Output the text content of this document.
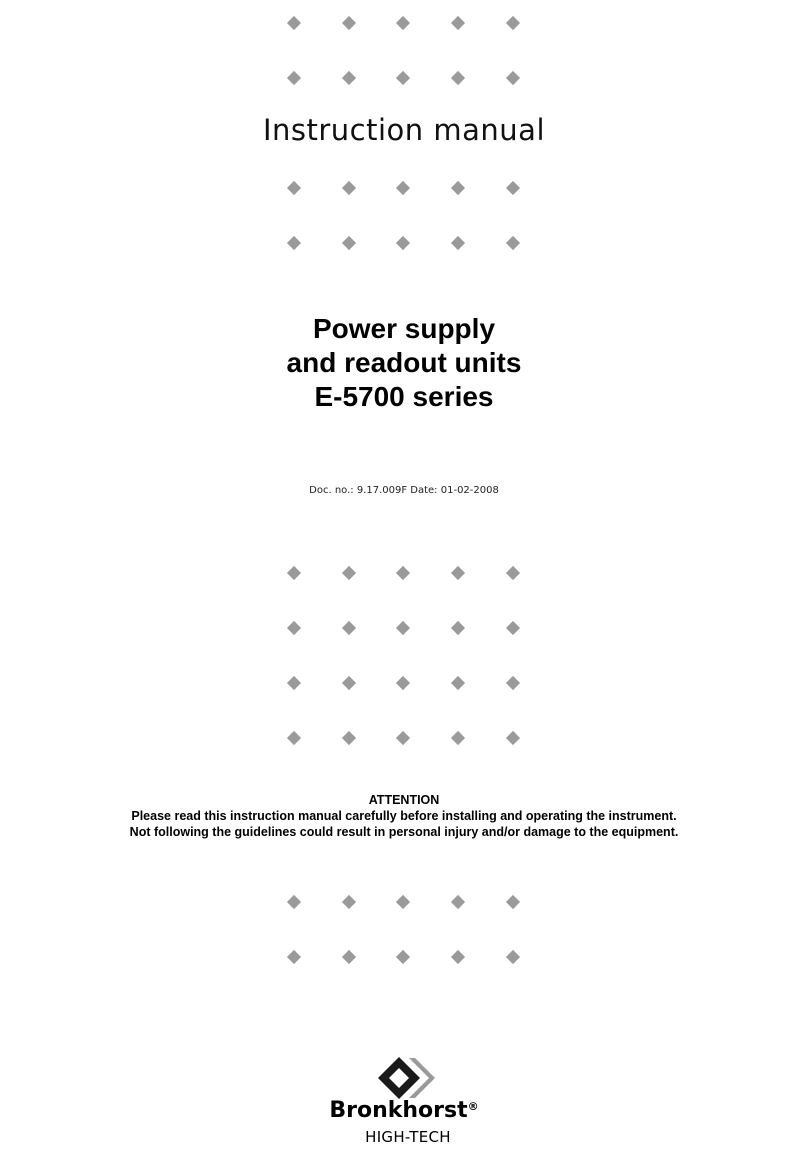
Instruction manual
Power supply
and readout units
E-5700 series
Doc. no.: 9.17.009F Date: 01-02-2008
ATTENTION
Please read this instruction manual carefully before installing and operating the instrument.
Not following the guidelines could result in personal injury and/or damage to the equipment.
Bronkhorst®
HIGH-TECH
